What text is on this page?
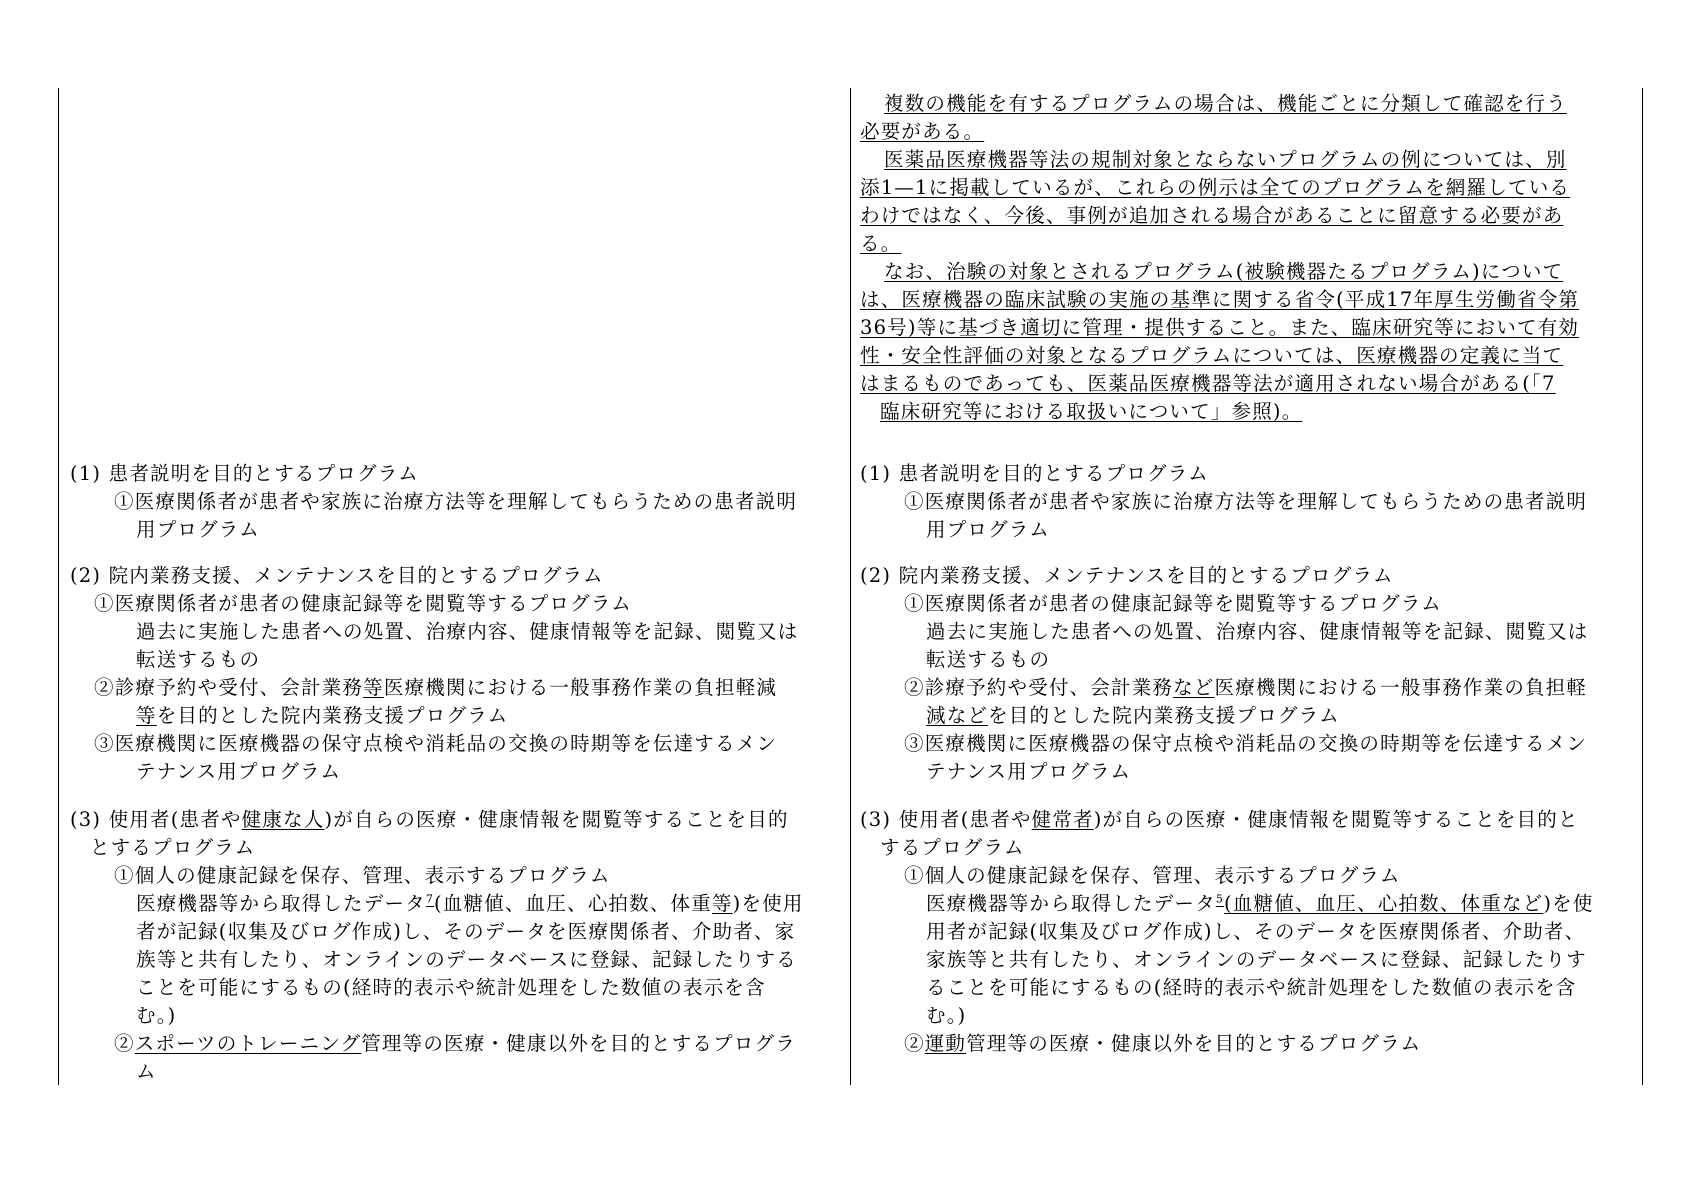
複数の機能を有するプログラムの場合は、機能ごとに分類して確認を行う
必要がある。
医薬品医療機器等法の規制対象とならないプログラムの例については、別
添1—1に掲載しているが、これらの例示は全てのプログラムを網羅している
わけではなく、今後、事例が追加される場合があることに留意する必要があ
る。
なお、治験の対象とされるプログラム(被験機器たるプログラム)について
は、医療機器の臨床試験の実施の基準に関する省令(平成17年厚生労働省令第
36号)等に基づき適切に管理・提供すること。また、臨床研究等において有効
性・安全性評価の対象となるプログラムについては、医療機器の定義に当て
はまるものであっても、医薬品医療機器等法が適用されない場合がある(「7
臨床研究等における取扱いについて」参照)。
(1) 患者説明を目的とするプログラム
①医療関係者が患者や家族に治療方法等を理解してもらうための患者説明
用プログラム
(2) 院内業務支援、メンテナンスを目的とするプログラム
①医療関係者が患者の健康記録等を閲覧等するプログラム
過去に実施した患者への処置、治療内容、健康情報等を記録、閲覧又は
転送するもの
②診療予約や受付、会計業務等医療機関における一般事務作業の負担軽減
等を目的とした院内業務支援プログラム
③医療機関に医療機器の保守点検や消耗品の交換の時期等を伝達するメン
テナンス用プログラム
(3) 使用者(患者や健康な人)が自らの医療・健康情報を閲覧等することを目的
とするプログラム
①個人の健康記録を保存、管理、表示するプログラム
医療機器等から取得したデータ$^7$(血糖値、血圧、心拍数、体重等)を使用
者が記録(収集及びログ作成)し、そのデータを医療関係者、介助者、家
族等と共有したり、オンラインのデータベースに登録、記録したりする
ことを可能にするもの(経時的表示や統計処理をした数値の表示を含
む。)
②スポーツのトレーニング管理等の医療・健康以外を目的とするプログラ
ム
(1) 患者説明を目的とするプログラム
①医療関係者が患者や家族に治療方法等を理解してもらうための患者説明
用プログラム
(2) 院内業務支援、メンテナンスを目的とするプログラム
①医療関係者が患者の健康記録等を閲覧等するプログラム
過去に実施した患者への処置、治療内容、健康情報等を記録、閲覧又は
転送するもの
②診療予約や受付、会計業務など医療機関における一般事務作業の負担軽
減などを目的とした院内業務支援プログラム
③医療機関に医療機器の保守点検や消耗品の交換の時期等を伝達するメン
テナンス用プログラム
(3) 使用者(患者や健常者)が自らの医療・健康情報を閲覧等することを目的と
するプログラム
①個人の健康記録を保存、管理、表示するプログラム
医療機器等から取得したデータ$^5$(血糖値、血圧、心拍数、体重など)を使
用者が記録(収集及びログ作成)し、そのデータを医療関係者、介助者、
家族等と共有したり、オンラインのデータベースに登録、記録したりす
ることを可能にするもの(経時的表示や統計処理をした数値の表示を含
む。)
②運動管理等の医療・健康以外を目的とするプログラム
